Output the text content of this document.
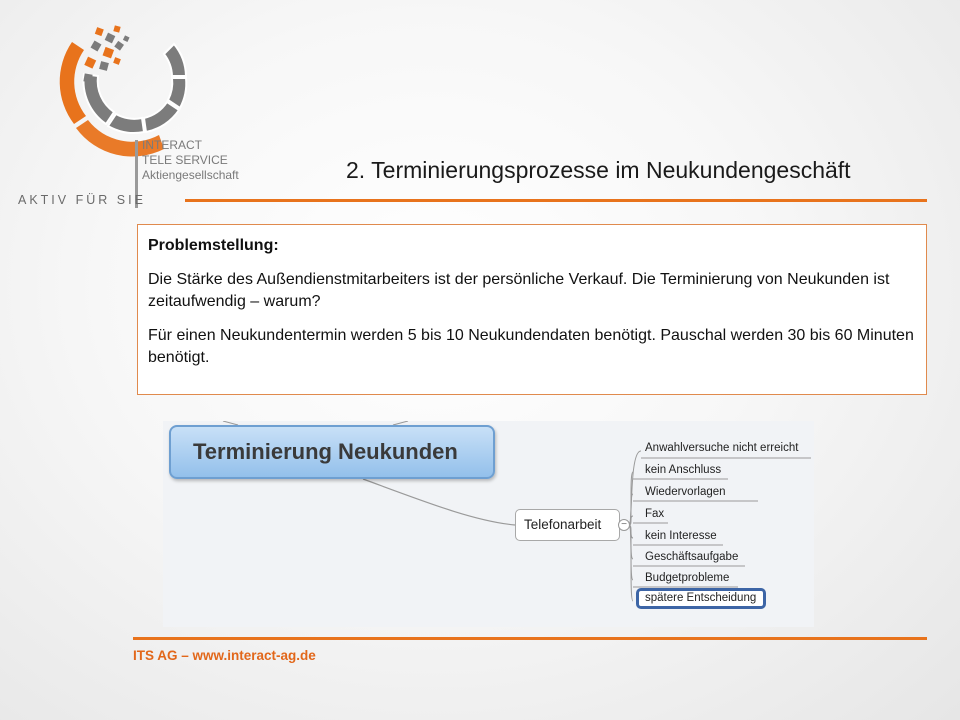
INTERACT
TELE SERVICE
Aktiengesellschaft
AKTIV FÜR SIE
2. Terminierungsprozesse im Neukundengeschäft

Problemstellung:

Die Stärke des Außendienstmitarbeiters ist der persönliche Verkauf. Die Terminierung von Neukunden ist zeitaufwendig – warum?

Für einen Neukundentermin werden 5 bis 10 Neukundendaten benötigt. Pauschal werden 30 bis 60 Minuten benötigt.

Terminierung Neukunden
Telefonarbeit	−
Anwahlversuche nicht erreicht
kein Anschluss
Wiedervorlagen
Fax
kein Interesse
Geschäftsaufgabe
Budgetprobleme
spätere Entscheidung
ITS AG – www.interact-ag.de
